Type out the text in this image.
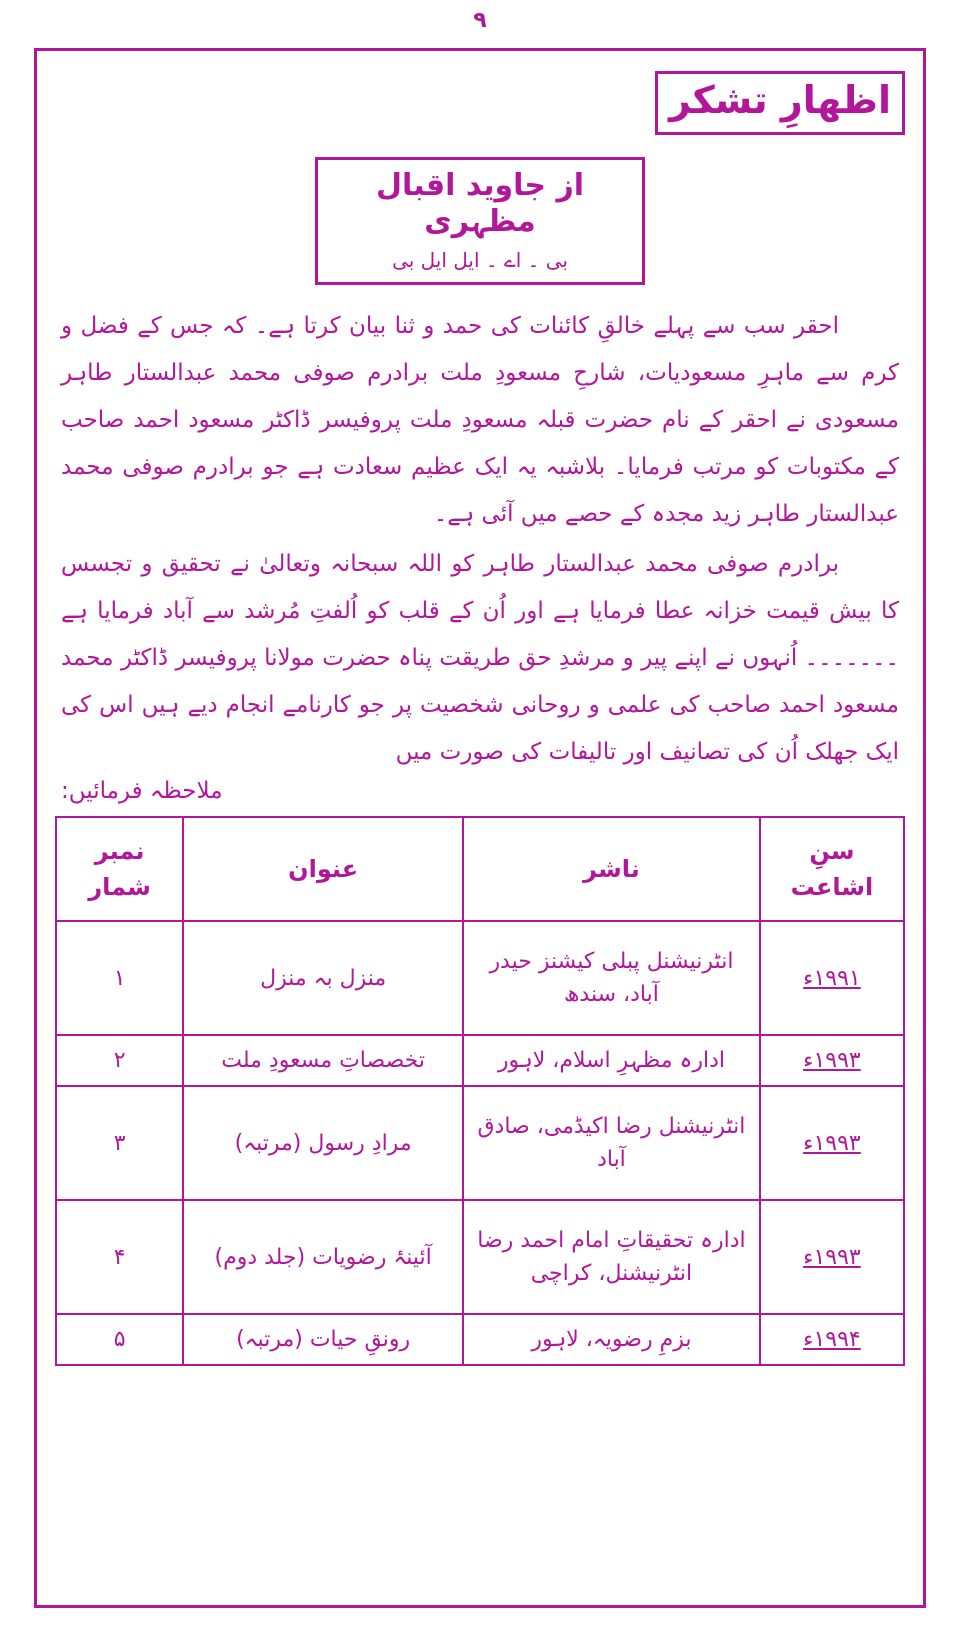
۹
اظهارِ تشکر
از جاوید اقبال مظہری
بی ۔ اے ۔ ایل ایل بی

احقر سب سے پہلے خالقِ کائنات کی حمد و ثنا بیان کرتا ہے۔ کہ جس کے فضل و کرم سے ماہرِ مسعودیات، شارحِ مسعودِ ملت برادرم صوفی محمد عبدالستار طاہر مسعودی نے احقر کے نام حضرت قبلہ مسعودِ ملت پروفیسر ڈاکٹر مسعود احمد صاحب کے مکتوبات کو مرتب فرمایا۔ بلاشبہ یہ ایک عظیم سعادت ہے جو برادرم صوفی محمد عبدالستار طاہر زید مجدہ کے حصے میں آئی ہے۔

برادرم صوفی محمد عبدالستار طاہر کو اللہ سبحانہ وتعالیٰ نے تحقیق و تجسس کا بیش قیمت خزانہ عطا فرمایا ہے اور اُن کے قلب کو اُلفتِ مُرشد سے آباد فرمایا ہے ۔۔۔۔۔۔۔ اُنہوں نے اپنے پیر و مرشدِ حق طریقت پناہ حضرت مولانا پروفیسر ڈاکٹر محمد مسعود احمد صاحب کی علمی و روحانی شخصیت پر جو کارنامے انجام دیے ہیں اس کی ایک جھلک اُن کی تصانیف اور تالیفات کی صورت میں

ملاحظہ فرمائیں:
سنِ اشاعت	ناشر	عنوان	نمبر شمار
۱۹۹۱ء	انٹرنیشنل پبلی کیشنز حیدر آباد، سندھ	منزل بہ منزل	۱
۱۹۹۳ء	ادارہ مظہرِ اسلام، لاہور	تخصصاتِ مسعودِ ملت	۲
۱۹۹۳ء	انٹرنیشنل رضا اکیڈمی، صادق آباد	مرادِ رسول (مرتبہ)	۳
۱۹۹۳ء	ادارہ تحقیقاتِ امام احمد رضا انٹرنیشنل، کراچی	آئینۂ رضویات (جلد دوم)	۴
۱۹۹۴ء	بزمِ رضویہ، لاہور	رونقِ حیات (مرتبہ)	۵
